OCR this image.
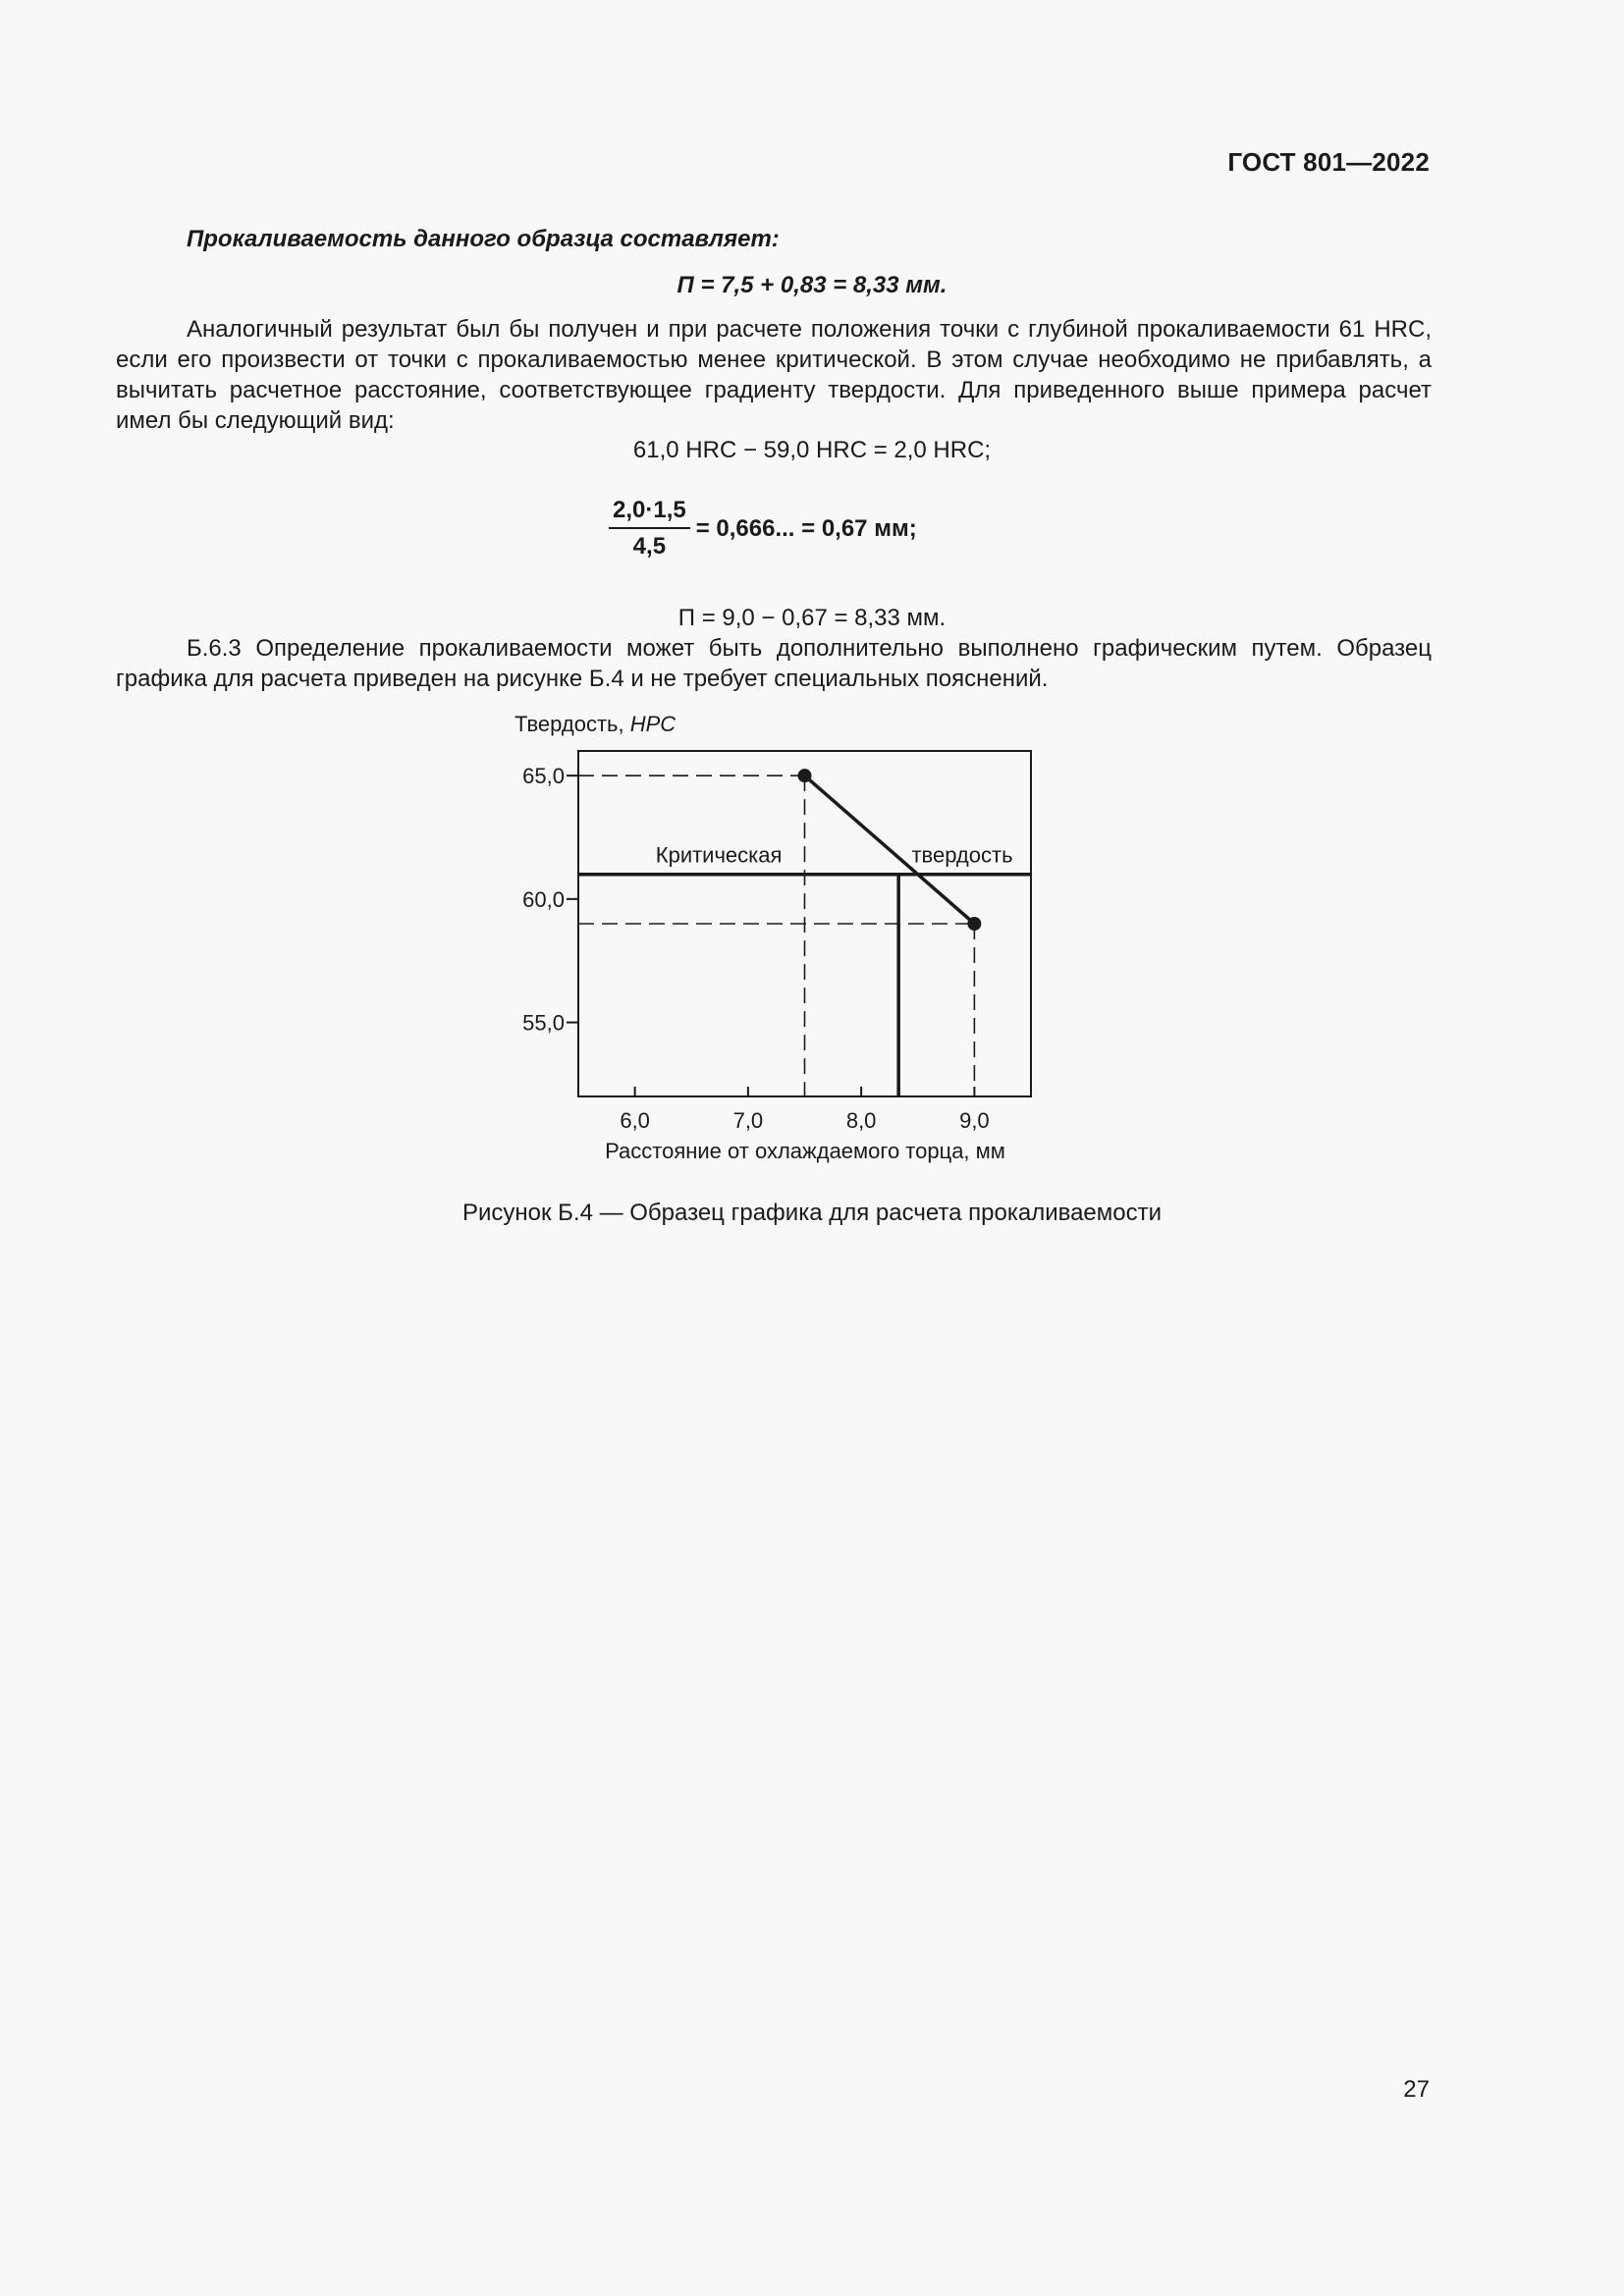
ГОСТ 801—2022
Прокаливаемость данного образца составляет:
П = 7,5 + 0,83 = 8,33 мм.
Аналогичный результат был бы получен и при расчете положения точки с глубиной прокаливаемости 61 HRC, если его произвести от точки с прокаливаемостью менее критической. В этом случае необходимо не прибавлять, а вычитать расчетное расстояние, соответствующее градиенту твердости. Для приведенного выше примера расчет имел бы следующий вид:
61,0 HRC − 59,0 HRC = 2,0 HRC;
$\frac{2,0\cdot 1,5}{4,5} = 0,666$... = 0,67 мм;
П = 9,0 − 0,67 = 8,33 мм.
Б.6.3 Определение прокаливаемости может быть дополнительно выполнено графическим путем. Образец графика для расчета приведен на рисунке Б.4 и не требует специальных пояснений.
Твердость, HPC
65,0
60,0
55,0
6,0	7,0	8,0	9,0
Критическая	твердость
Расстояние от охлаждаемого торца, мм
Рисунок Б.4 — Образец графика для расчета прокаливаемости
27
